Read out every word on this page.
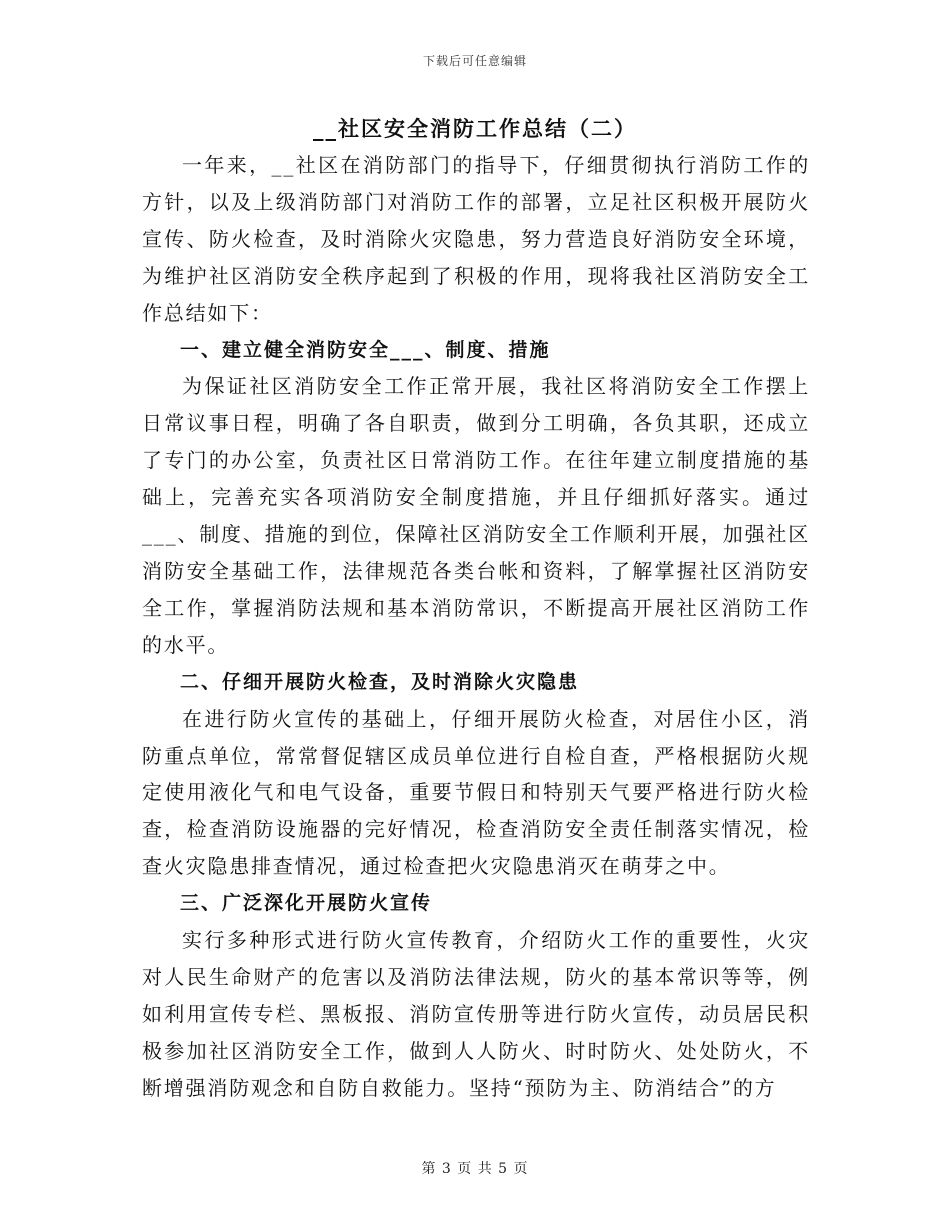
下载后可任意编辑
__社区安全消防工作总结（二）

一年来，__社区在消防部门的指导下，仔细贯彻执行消防工作的方针，以及上级消防部门对消防工作的部署，立足社区积极开展防火宣传、防火检查，及时消除火灾隐患，努力营造良好消防安全环境，为维护社区消防安全秩序起到了积极的作用，现将我社区消防安全工作总结如下：

一、建立健全消防安全___、制度、措施

为保证社区消防安全工作正常开展，我社区将消防安全工作摆上日常议事日程，明确了各自职责，做到分工明确，各负其职，还成立了专门的办公室，负责社区日常消防工作。在往年建立制度措施的基础上，完善充实各项消防安全制度措施，并且仔细抓好落实。通过___、制度、措施的到位，保障社区消防安全工作顺利开展，加强社区消防安全基础工作，法律规范各类台帐和资料，了解掌握社区消防安全工作，掌握消防法规和基本消防常识，不断提高开展社区消防工作的水平。

二、仔细开展防火检查，及时消除火灾隐患

在进行防火宣传的基础上，仔细开展防火检查，对居住小区，消防重点单位，常常督促辖区成员单位进行自检自查，严格根据防火规定使用液化气和电气设备，重要节假日和特别天气要严格进行防火检查，检查消防设施器的完好情况，检查消防安全责任制落实情况，检查火灾隐患排查情况，通过检查把火灾隐患消灭在萌芽之中。

三、广泛深化开展防火宣传

实行多种形式进行防火宣传教育，介绍防火工作的重要性，火灾对人民生命财产的危害以及消防法律法规，防火的基本常识等等，例如利用宣传专栏、黑板报、消防宣传册等进行防火宣传，动员居民积极参加社区消防安全工作，做到人人防火、时时防火、处处防火，不断增强消防观念和自防自救能力。坚持“预防为主、防消结合”的方

第 3 页 共 5 页
